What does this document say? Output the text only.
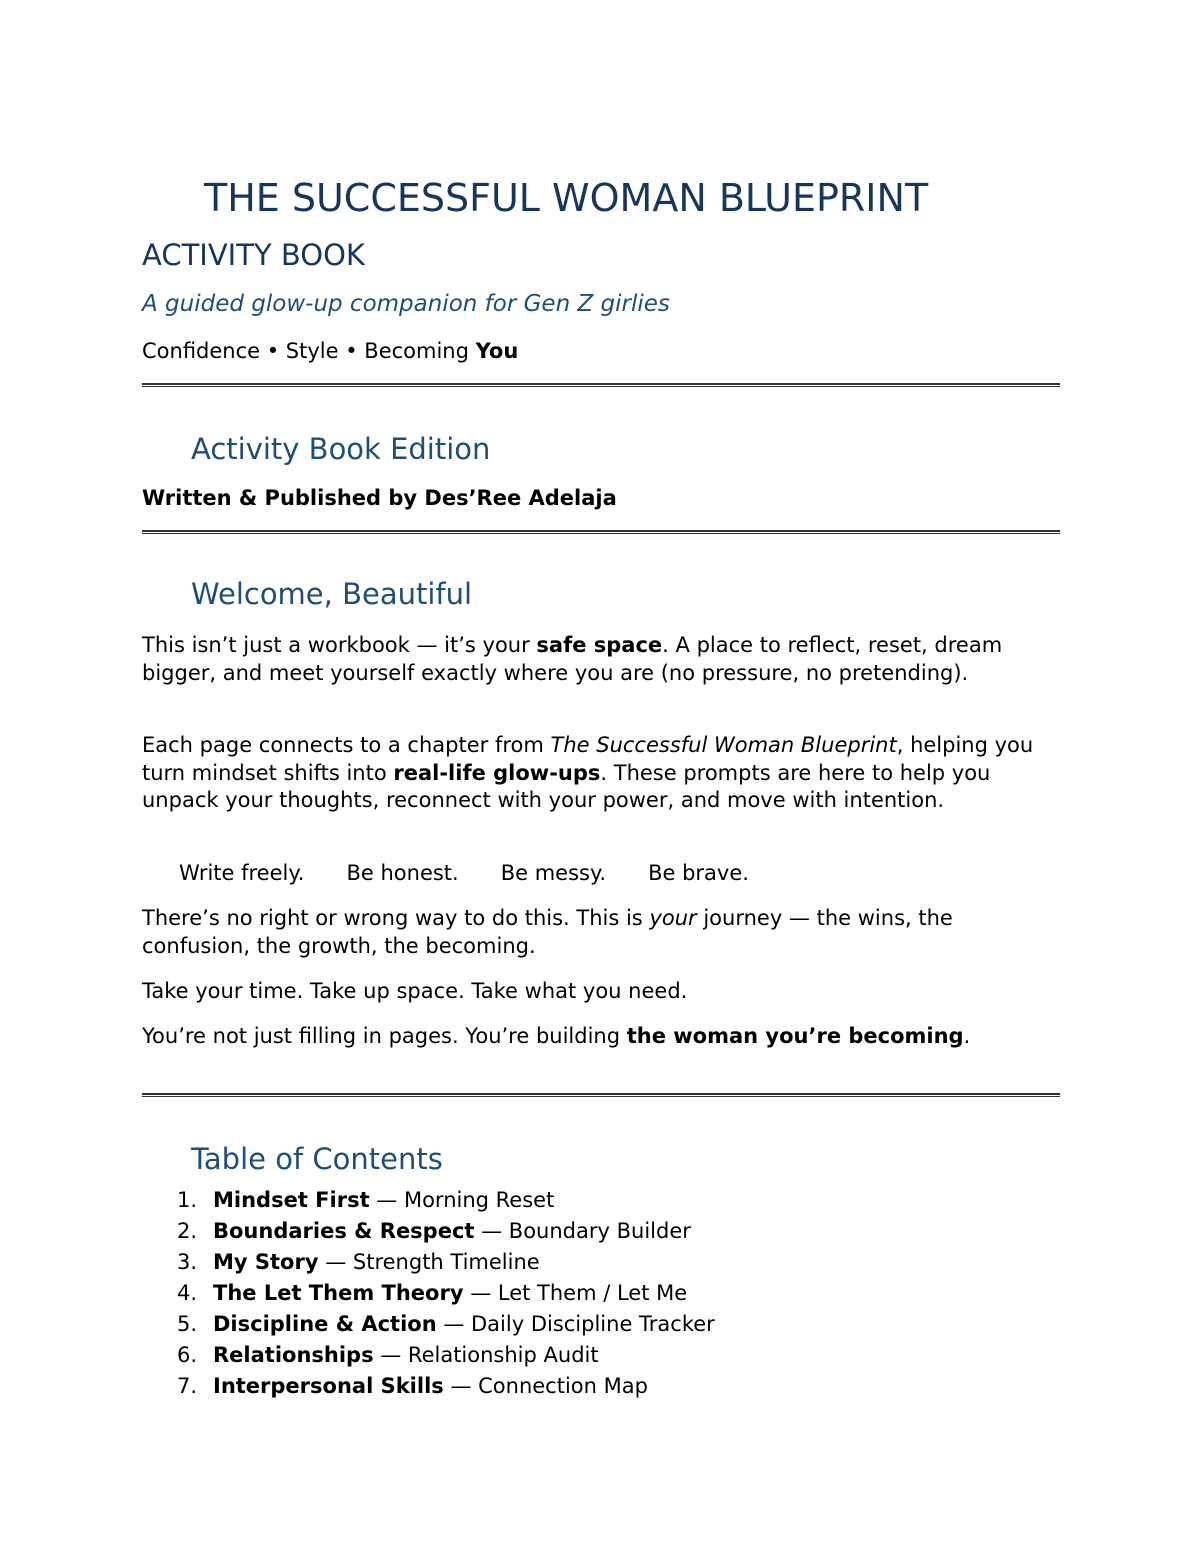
THE SUCCESSFUL WOMAN BLUEPRINT
ACTIVITY BOOK

A guided glow-up companion for Gen Z girlies

Confidence • Style • Becoming You

Activity Book Edition

Written & Published by Des’Ree Adelaja

Welcome, Beautiful

This isn’t just a workbook — it’s your safe space. A place to reflect, reset, dream bigger, and meet yourself exactly where you are (no pressure, no pretending).

Each page connects to a chapter from The Successful Woman Blueprint, helping you turn mindset shifts into real-life glow-ups. These prompts are here to help you unpack your thoughts, reconnect with your power, and move with intention.

Write freely. Be honest. Be messy. Be brave.

There’s no right or wrong way to do this. This is your journey — the wins, the confusion, the growth, the becoming.

Take your time. Take up space. Take what you need.

You’re not just filling in pages. You’re building the woman you’re becoming.

Table of Contents
1. Mindset First — Morning Reset
2. Boundaries & Respect — Boundary Builder
3. My Story — Strength Timeline
4. The Let Them Theory — Let Them / Let Me
5. Discipline & Action — Daily Discipline Tracker
6. Relationships — Relationship Audit
7. Interpersonal Skills — Connection Map
